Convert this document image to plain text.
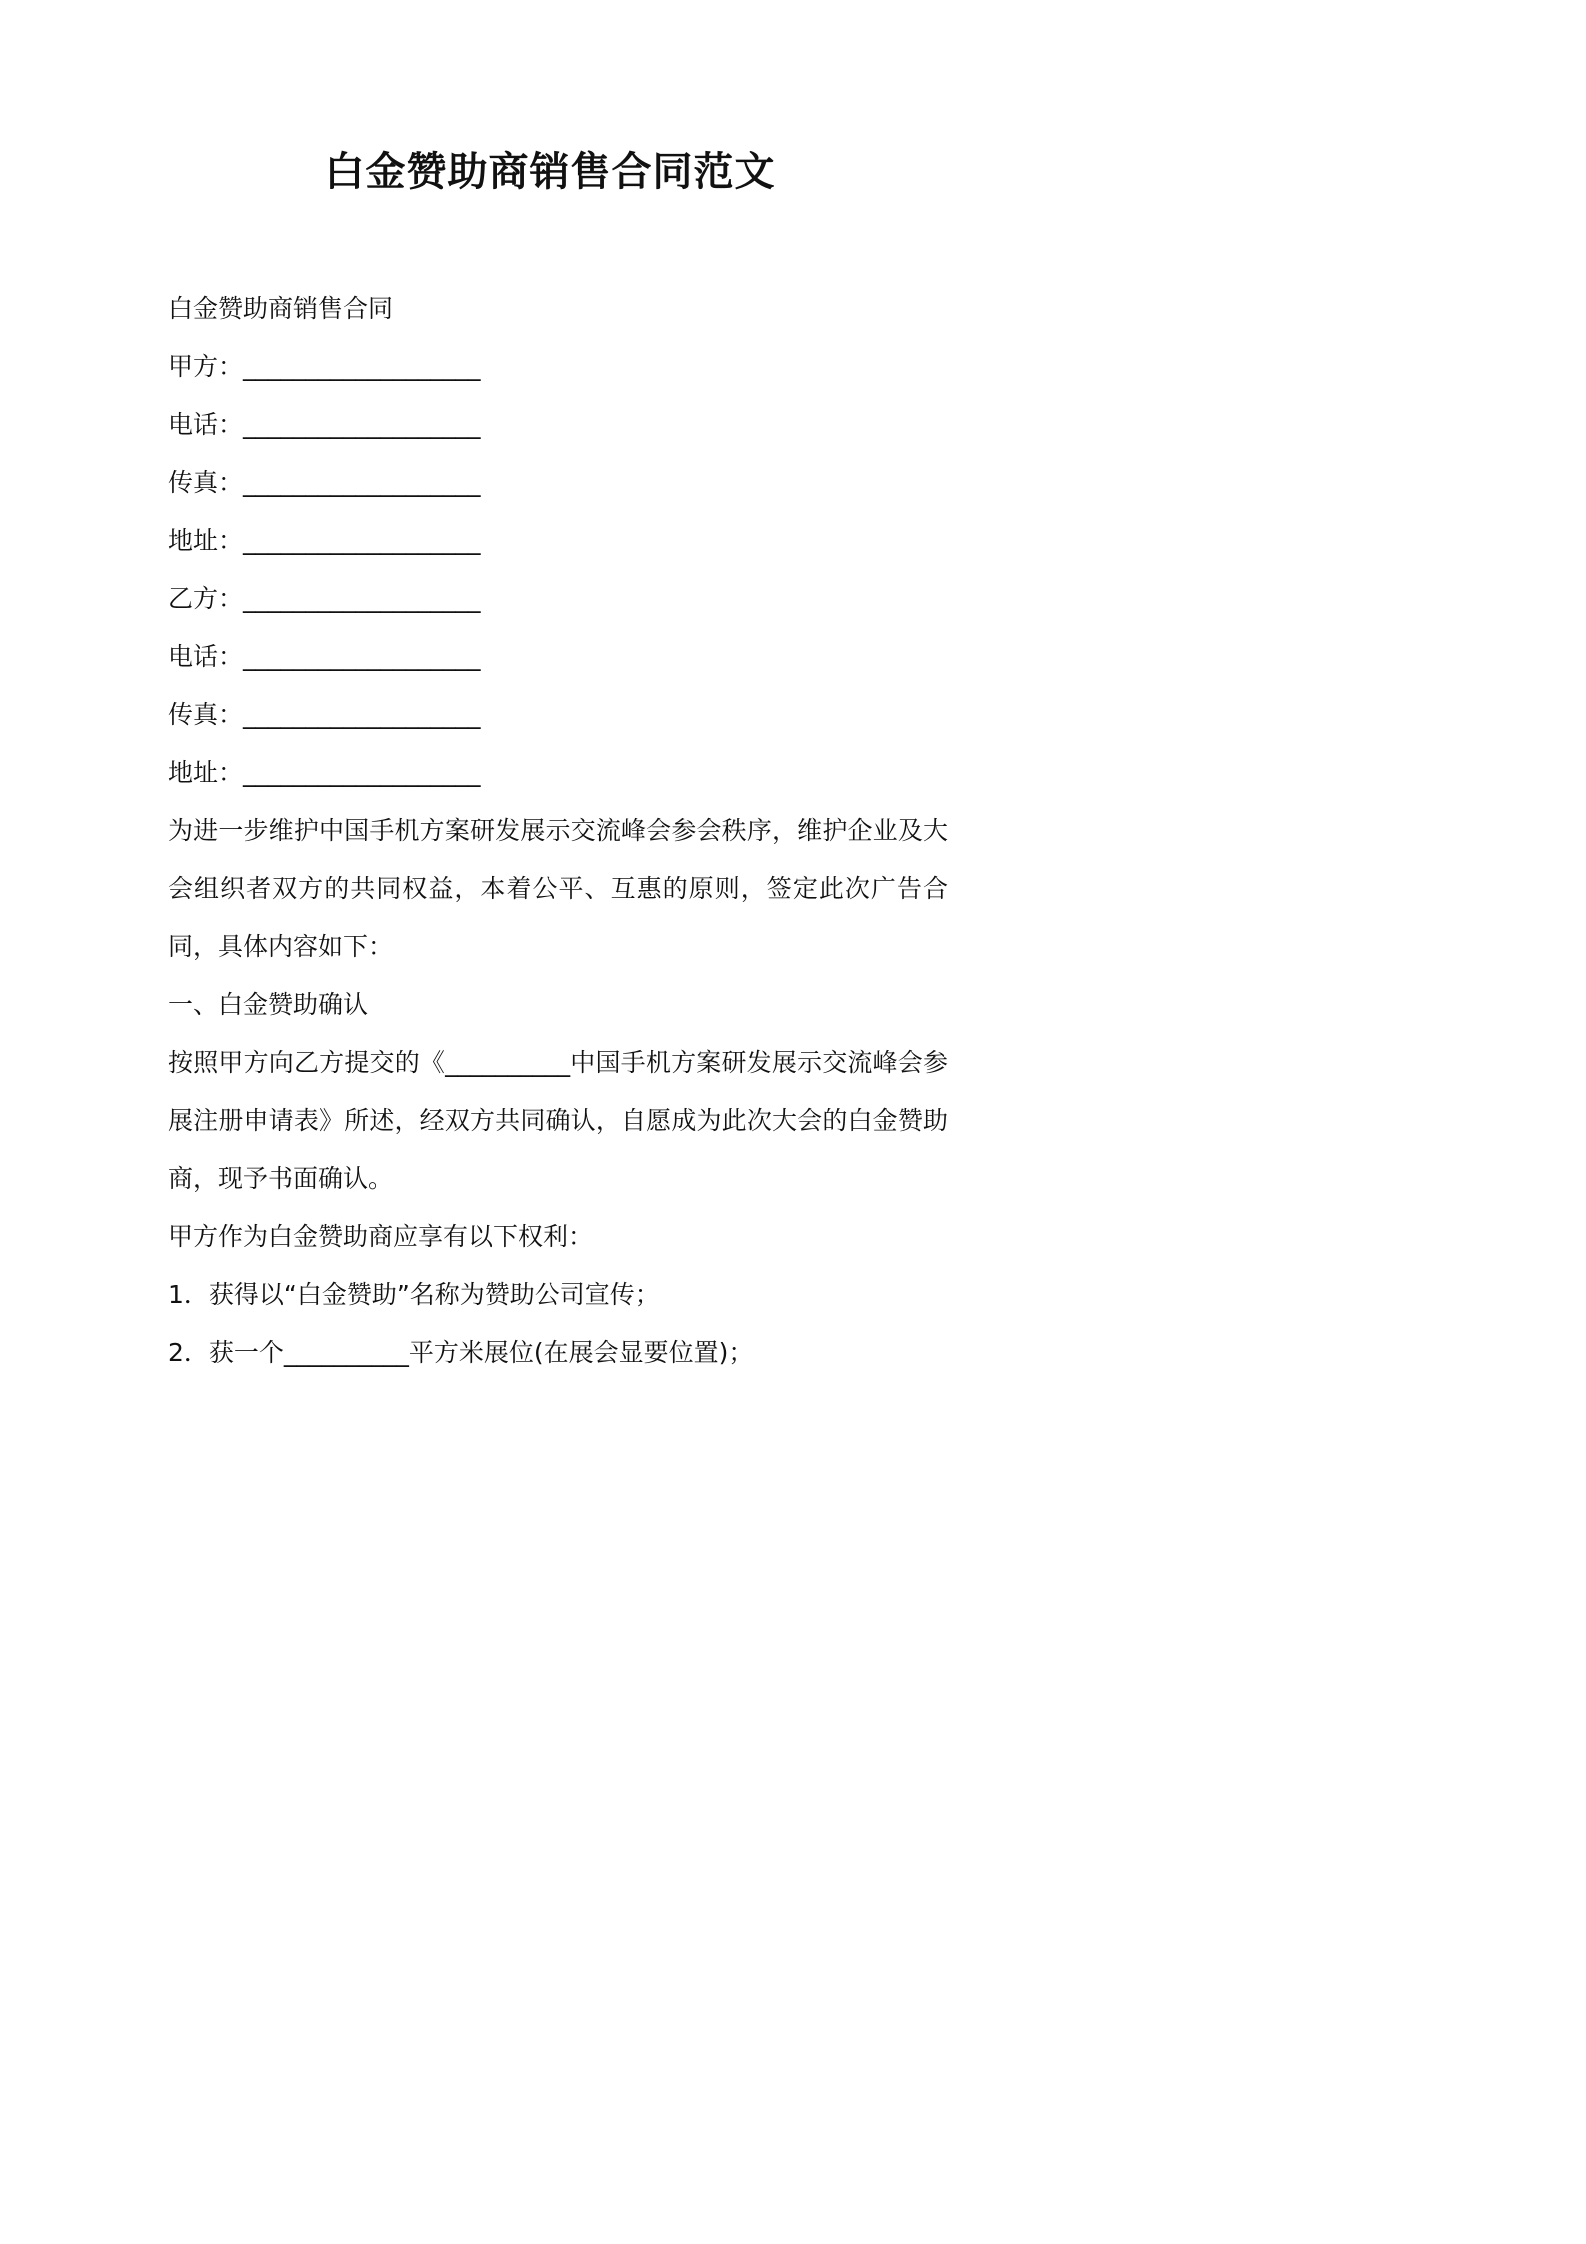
白金赞助商销售合同范文
白金赞助商销售合同
甲方：___________________
电话：___________________
传真：___________________
地址：___________________
乙方：___________________
电话：___________________
传真：___________________
地址：___________________
为进一步维护中国手机方案研发展示交流峰会参会秩序，维护企业及大会组织者双方的共同权益，本着公平、互惠的原则，签定此次广告合同，具体内容如下：
一、白金赞助确认
按照甲方向乙方提交的《__________中国手机方案研发展示交流峰会参展注册申请表》所述，经双方共同确认，自愿成为此次大会的白金赞助商，现予书面确认。
甲方作为白金赞助商应享有以下权利：
1．获得以“白金赞助”名称为赞助公司宣传；
2．获一个__________平方米展位(在展会显要位置)；
